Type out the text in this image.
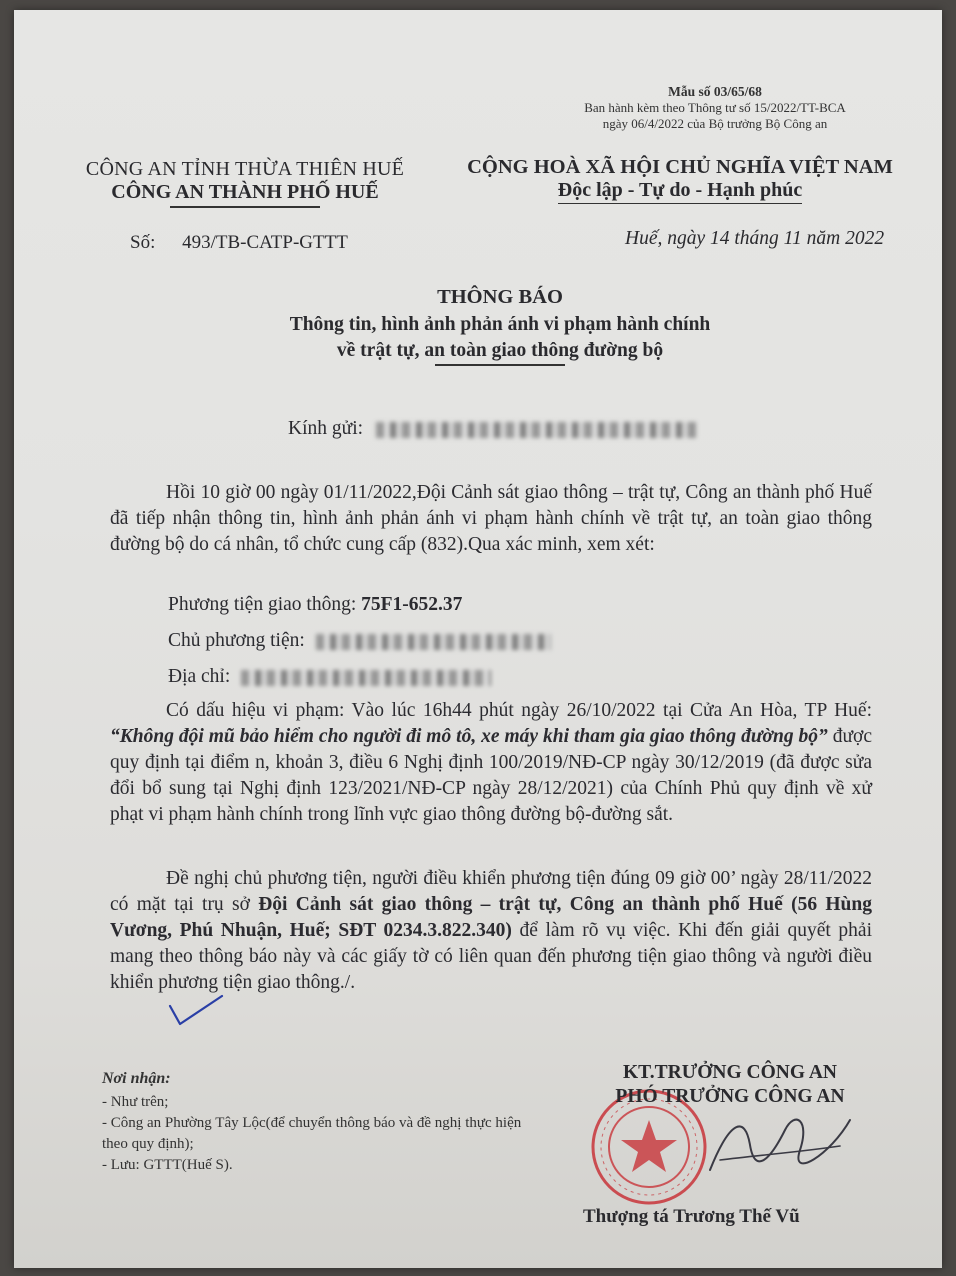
Mẫu số 03/65/68
Ban hành kèm theo Thông tư số 15/2022/TT-BCA
ngày 06/4/2022 của Bộ trưởng Bộ Công an
CÔNG AN TỈNH THỪA THIÊN HUẾ
CÔNG AN THÀNH PHỐ HUẾ
Số: 493/TB-CATP-GTTT
CỘNG HOÀ XÃ HỘI CHỦ NGHĨA VIỆT NAM
Độc lập - Tự do - Hạnh phúc
Huế, ngày 14 tháng 11 năm 2022
THÔNG BÁO
Thông tin, hình ảnh phản ánh vi phạm hành chính
về trật tự, an toàn giao thông đường bộ
Kính gửi:

Hồi 10 giờ 00 ngày 01/11/2022,Đội Cảnh sát giao thông – trật tự, Công an thành phố Huế đã tiếp nhận thông tin, hình ảnh phản ánh vi phạm hành chính về trật tự, an toàn giao thông đường bộ do cá nhân, tổ chức cung cấp (832).Qua xác minh, xem xét:

Phương tiện giao thông: 75F1-652.37
Chủ phương tiện:
Địa chỉ:

Có dấu hiệu vi phạm: Vào lúc 16h44 phút ngày 26/10/2022 tại Cửa An Hòa, TP Huế: “Không đội mũ bảo hiểm cho người đi mô tô, xe máy khi tham gia giao thông đường bộ” được quy định tại điểm n, khoản 3, điều 6 Nghị định 100/2019/NĐ-CP ngày 30/12/2019 (đã được sửa đổi bổ sung tại Nghị định 123/2021/NĐ-CP ngày 28/12/2021) của Chính Phủ quy định về xử phạt vi phạm hành chính trong lĩnh vực giao thông đường bộ-đường sắt.

Đề nghị chủ phương tiện, người điều khiển phương tiện đúng 09 giờ 00’ ngày 28/11/2022 có mặt tại trụ sở Đội Cảnh sát giao thông – trật tự, Công an thành phố Huế (56 Hùng Vương, Phú Nhuận, Huế; SĐT 0234.3.822.340) để làm rõ vụ việc. Khi đến giải quyết phải mang theo thông báo này và các giấy tờ có liên quan đến phương tiện giao thông và người điều khiển phương tiện giao thông./.

Nơi nhận:
- Như trên;
- Công an Phường Tây Lộc(để chuyển thông báo và đề nghị thực hiện theo quy định);
- Lưu: GTTT(Huế S).
KT.TRƯỞNG CÔNG AN
PHÓ TRƯỞNG CÔNG AN
Thượng tá Trương Thế Vũ
